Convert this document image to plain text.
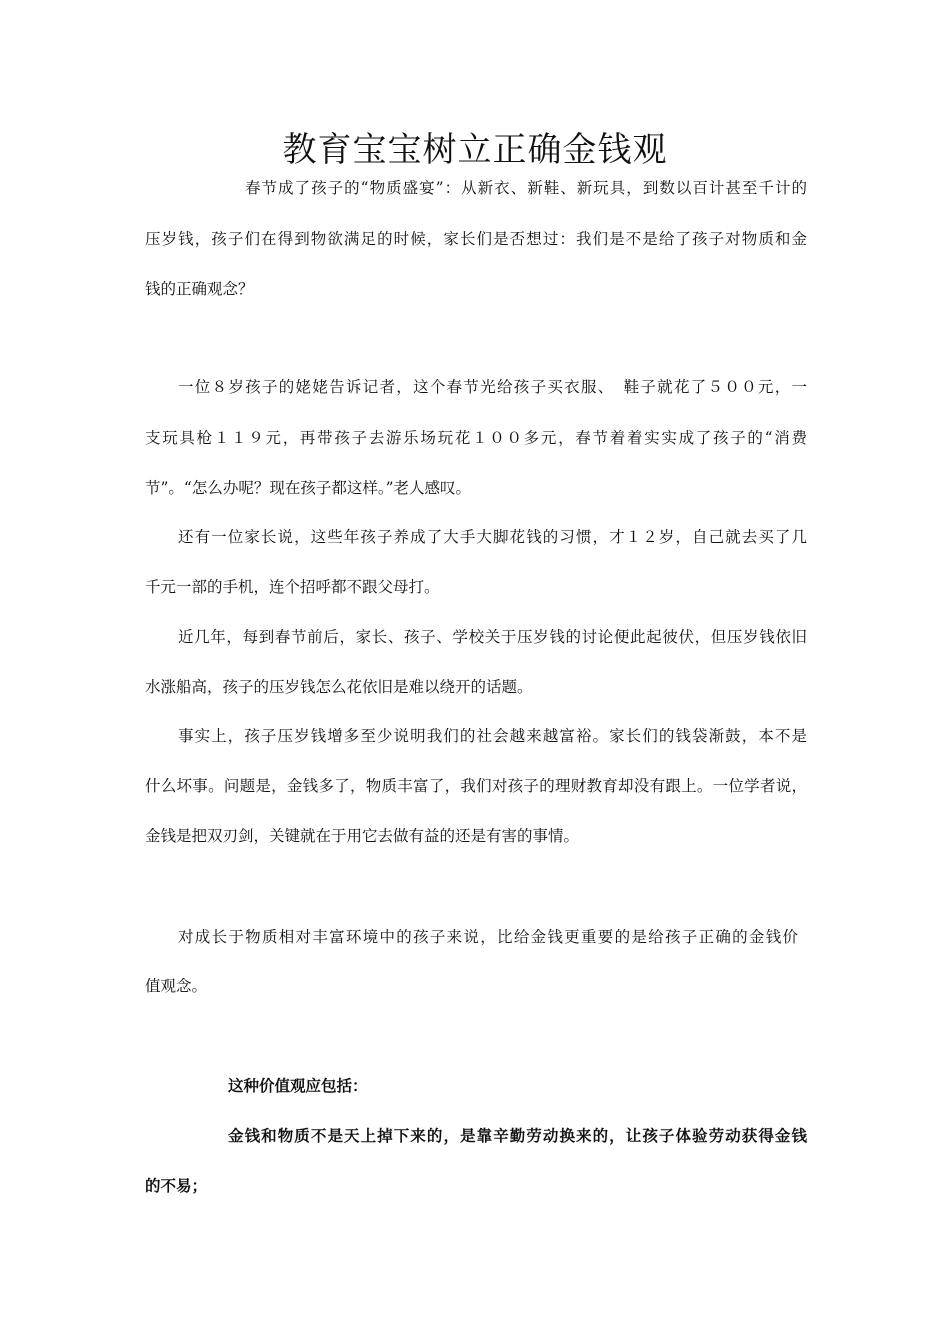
教育宝宝树立正确金钱观
春节成了孩子的“物质盛宴”：从新衣、新鞋、新玩具，到数以百计甚至千计的
压岁钱，孩子们在得到物欲满足的时候，家长们是否想过：我们是不是给了孩子对物质和金
钱的正确观念？
一位８岁孩子的姥姥告诉记者，这个春节光给孩子买衣服、　鞋子就花了５００元，一
支玩具枪１１９元，再带孩子去游乐场玩花１００多元，春节着着实实成了孩子的“消费
节”。“怎么办呢？现在孩子都这样。”老人感叹。
还有一位家长说，这些年孩子养成了大手大脚花钱的习惯，才１２岁，自己就去买了几
千元一部的手机，连个招呼都不跟父母打。
近几年，每到春节前后，家长、孩子、学校关于压岁钱的讨论便此起彼伏，但压岁钱依旧
水涨船高，孩子的压岁钱怎么花依旧是难以绕开的话题。
事实上，孩子压岁钱增多至少说明我们的社会越来越富裕。家长们的钱袋渐鼓，本不是
什么坏事。问题是，金钱多了，物质丰富了，我们对孩子的理财教育却没有跟上。一位学者说，
金钱是把双刃剑，关键就在于用它去做有益的还是有害的事情。
对成长于物质相对丰富环境中的孩子来说，比给金钱更重要的是给孩子正确的金钱价
值观念。
这种价值观应包括：
金钱和物质不是天上掉下来的，是靠辛勤劳动换来的，让孩子体验劳动获得金钱
的不易；
